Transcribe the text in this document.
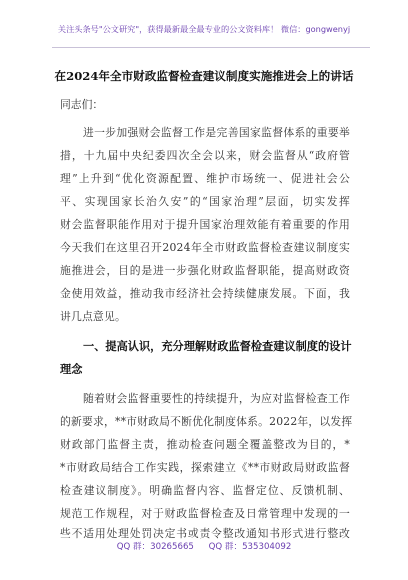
关注头条号"公文研究"，获得最新最全最专业的公文资料库！ 微信：gongwenyj
在2024年全市财政监督检查建议制度实施推进会上的讲话
同志们：
进一步加强财会监督工作是完善国家监督体系的重要举
措，十九届中央纪委四次全会以来，财会监督从“政府管
理”上升到“优化资源配置、维护市场统一、促进社会公
平、实现国家长治久安”的“国家治理”层面，切实发挥
财会监督职能作用对于提升国家治理效能有着重要的作用
今天我们在这里召开2024年全市财政监督检查建议制度实
施推进会，目的是进一步强化财政监督职能，提高财政资
金使用效益，推动我市经济社会持续健康发展。下面，我
讲几点意见。
一、提高认识，充分理解财政监督检查建议制度的设计
理念
随着财会监督重要性的持续提升，为应对监督检查工作
的新要求，**市财政局不断优化制度体系。2022年，以发挥
财政部门监督主责，推动检查问题全覆盖整改为目的，*
*市财政局结合工作实践，探索建立《**市财政局财政监督
检查建议制度》。明确监督内容、监督定位、反馈机制、
规范工作规程，对于财政监督检查及日常管理中发现的一
些不适用处理处罚决定书或责令整改通知书形式进行整改
QQ 群：30265665 QQ 群：535304092
